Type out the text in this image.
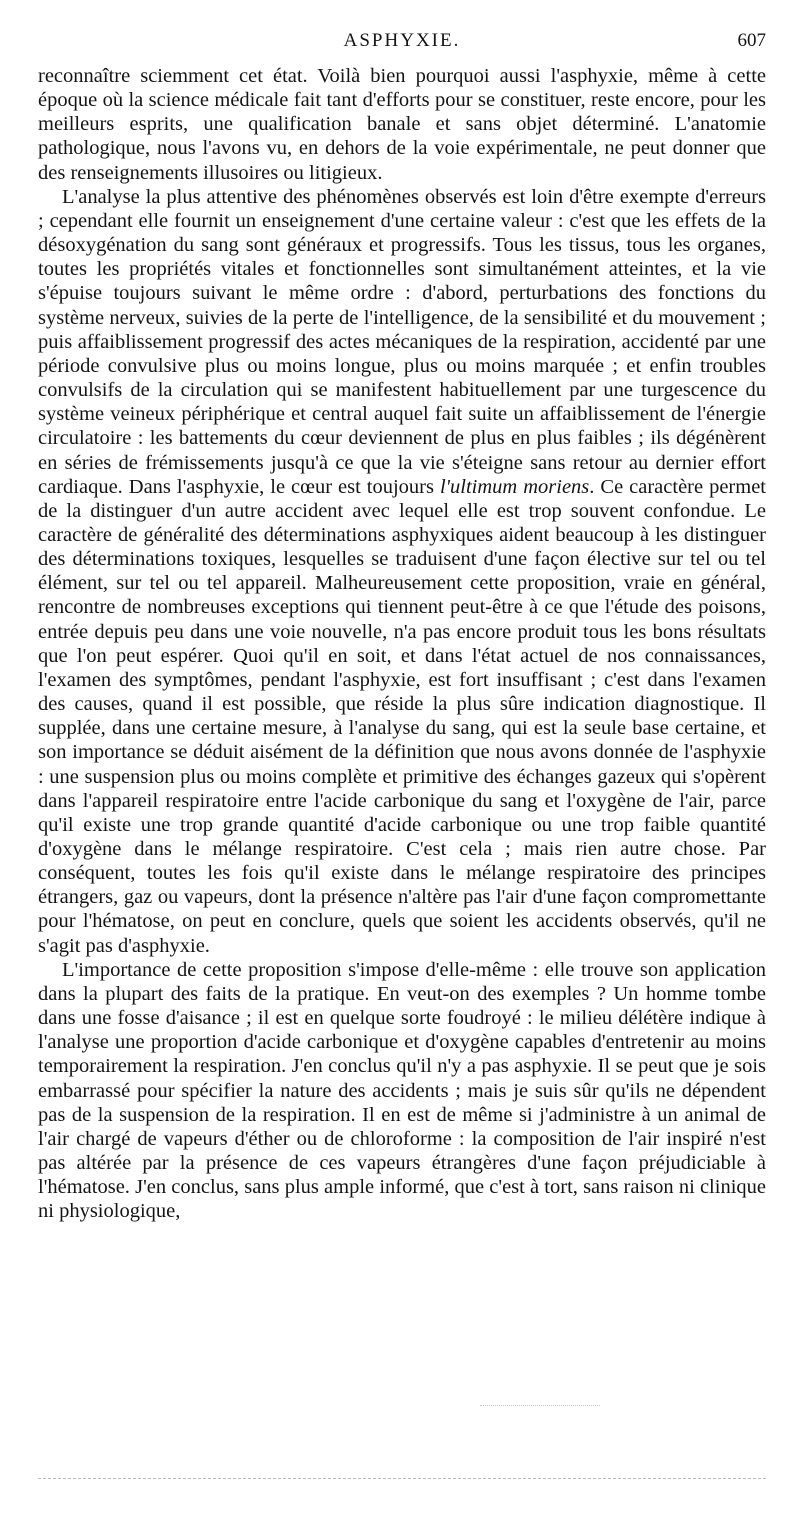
ASPHYXIE.	607

reconnaître sciemment cet état. Voilà bien pourquoi aussi l'asphyxie, même à cette époque où la science médicale fait tant d'efforts pour se constituer, reste encore, pour les meilleurs esprits, une qualification banale et sans objet déterminé. L'anatomie pathologique, nous l'avons vu, en dehors de la voie expérimentale, ne peut donner que des renseignements illusoires ou litigieux.

L'analyse la plus attentive des phénomènes observés est loin d'être exempte d'erreurs ; cependant elle fournit un enseignement d'une certaine valeur : c'est que les effets de la désoxygénation du sang sont généraux et progressifs. Tous les tissus, tous les organes, toutes les propriétés vitales et fonctionnelles sont simultanément atteintes, et la vie s'épuise toujours suivant le même ordre : d'abord, perturbations des fonctions du système nerveux, suivies de la perte de l'intelligence, de la sensibilité et du mouvement ; puis affaiblissement progressif des actes mécaniques de la respiration, accidenté par une période convulsive plus ou moins longue, plus ou moins marquée ; et enfin troubles convulsifs de la circulation qui se manifestent habituellement par une turgescence du système veineux périphérique et central auquel fait suite un affaiblissement de l'énergie circulatoire : les battements du cœur deviennent de plus en plus faibles ; ils dégénèrent en séries de frémissements jusqu'à ce que la vie s'éteigne sans retour au dernier effort cardiaque. Dans l'asphyxie, le cœur est toujours l'ultimum moriens. Ce caractère permet de la distinguer d'un autre accident avec lequel elle est trop souvent confondue. Le caractère de généralité des déterminations asphyxiques aident beaucoup à les distinguer des déterminations toxiques, lesquelles se traduisent d'une façon élective sur tel ou tel élément, sur tel ou tel appareil. Malheureusement cette proposition, vraie en général, rencontre de nombreuses exceptions qui tiennent peut-être à ce que l'étude des poisons, entrée depuis peu dans une voie nouvelle, n'a pas encore produit tous les bons résultats que l'on peut espérer. Quoi qu'il en soit, et dans l'état actuel de nos connaissances, l'examen des symptômes, pendant l'asphyxie, est fort insuffisant ; c'est dans l'examen des causes, quand il est possible, que réside la plus sûre indication diagnostique. Il supplée, dans une certaine mesure, à l'analyse du sang, qui est la seule base certaine, et son importance se déduit aisément de la définition que nous avons donnée de l'asphyxie : une suspension plus ou moins complète et primitive des échanges gazeux qui s'opèrent dans l'appareil respiratoire entre l'acide carbonique du sang et l'oxygène de l'air, parce qu'il existe une trop grande quantité d'acide carbonique ou une trop faible quantité d'oxygène dans le mélange respiratoire. C'est cela ; mais rien autre chose. Par conséquent, toutes les fois qu'il existe dans le mélange respiratoire des principes étrangers, gaz ou vapeurs, dont la présence n'altère pas l'air d'une façon compromettante pour l'hématose, on peut en conclure, quels que soient les accidents observés, qu'il ne s'agit pas d'asphyxie.

L'importance de cette proposition s'impose d'elle-même : elle trouve son application dans la plupart des faits de la pratique. En veut-on des exemples ? Un homme tombe dans une fosse d'aisance ; il est en quelque sorte foudroyé : le milieu délétère indique à l'analyse une proportion d'acide carbonique et d'oxygène capables d'entretenir au moins temporairement la respiration. J'en conclus qu'il n'y a pas asphyxie. Il se peut que je sois embarrassé pour spécifier la nature des accidents ; mais je suis sûr qu'ils ne dépendent pas de la suspension de la respiration. Il en est de même si j'administre à un animal de l'air chargé de vapeurs d'éther ou de chloroforme : la composition de l'air inspiré n'est pas altérée par la présence de ces vapeurs étrangères d'une façon préjudiciable à l'hématose. J'en conclus, sans plus ample informé, que c'est à tort, sans raison ni clinique ni physiologique,
